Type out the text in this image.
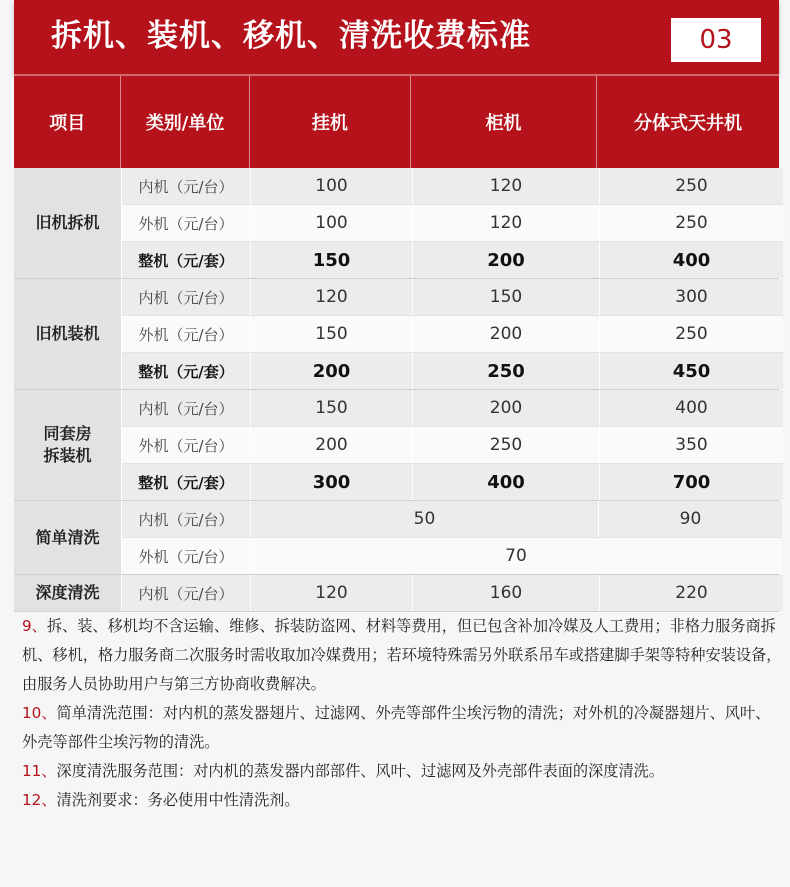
拆机、装机、移机、清洗收费标准	03
项目	类别/单位	挂机	柜机	分体式天井机
旧机拆机
内机（元/台）	100	120	250
外机（元/台）	100	120	250
整机（元/套）	150	200	400
旧机装机
内机（元/台）	120	150	300
外机（元/台）	150	200	250
整机（元/套）	200	250	450
同套房
拆装机
内机（元/台）	150	200	400
外机（元/台）	200	250	350
整机（元/套）	300	400	700
简单清洗
内机（元/台）	50	90
外机（元/台）	70
深度清洗	内机（元/台）	120	160	220
9、拆、装、移机均不含运输、维修、拆装防盗网、材料等费用，但已包含补加冷媒及人工费用；非格力服务商拆机、移机，格力服务商二次服务时需收取加冷媒费用；若环境特殊需另外联系吊车或搭建脚手架等特种安装设备，由服务人员协助用户与第三方协商收费解决。
10、简单清洗范围：对内机的蒸发器翅片、过滤网、外壳等部件尘埃污物的清洗；对外机的冷凝器翅片、风叶、外壳等部件尘埃污物的清洗。
11、深度清洗服务范围：对内机的蒸发器内部部件、风叶、过滤网及外壳部件表面的深度清洗。
12、清洗剂要求：务必使用中性清洗剂。
